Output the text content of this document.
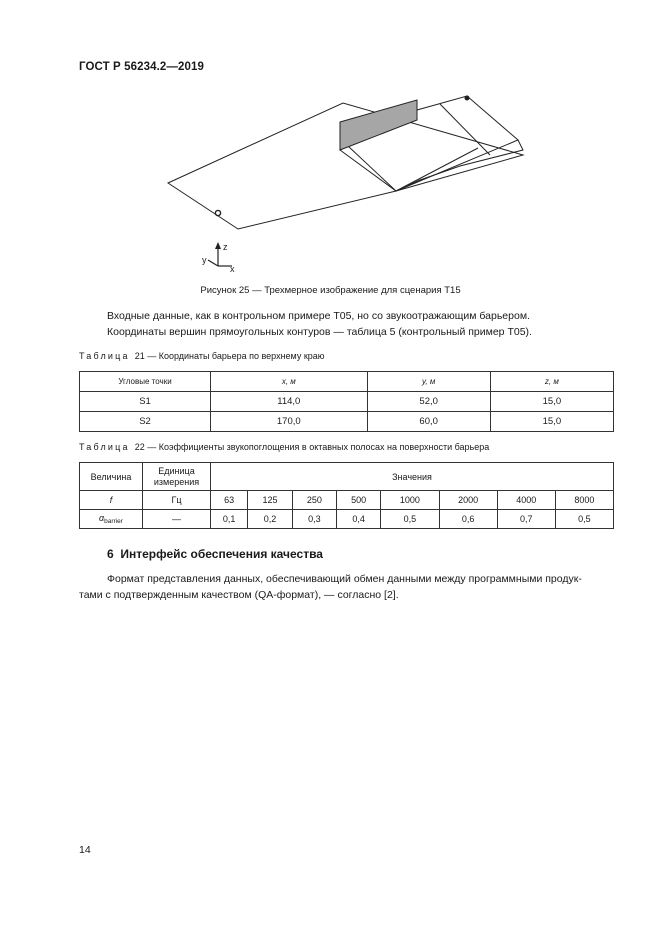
ГОСТ Р 56234.2—2019
z
y
x
Рисунок 25 — Трехмерное изображение для сценария Т15
Входные данные, как в контрольном примере Т05, но со звукоотражающим барьером.
Координаты вершин прямоугольных контуров — таблица 5 (контрольный пример Т05).
Таблица 21 — Координаты барьера по верхнему краю
Угловые точки	x, м	y, м	z, м
S1	114,0	52,0	15,0
S2	170,0	60,0	15,0
Таблица 22 — Коэффициенты звукопоглощения в октавных полосах на поверхности барьера
Величина	Единица измерения	Значения							
f	Гц	63	125	250	500	1000	2000	4000	8000
$\alpha_{barrier}$	—	0,1	0,2	0,3	0,4	0,5	0,6	0,7	0,5
6 Интерфейс обеспечения качества
Формат представления данных, обеспечивающий обмен данными между программными продук-
тами с подтвержденным качеством (QA-формат), — согласно [2].
14
